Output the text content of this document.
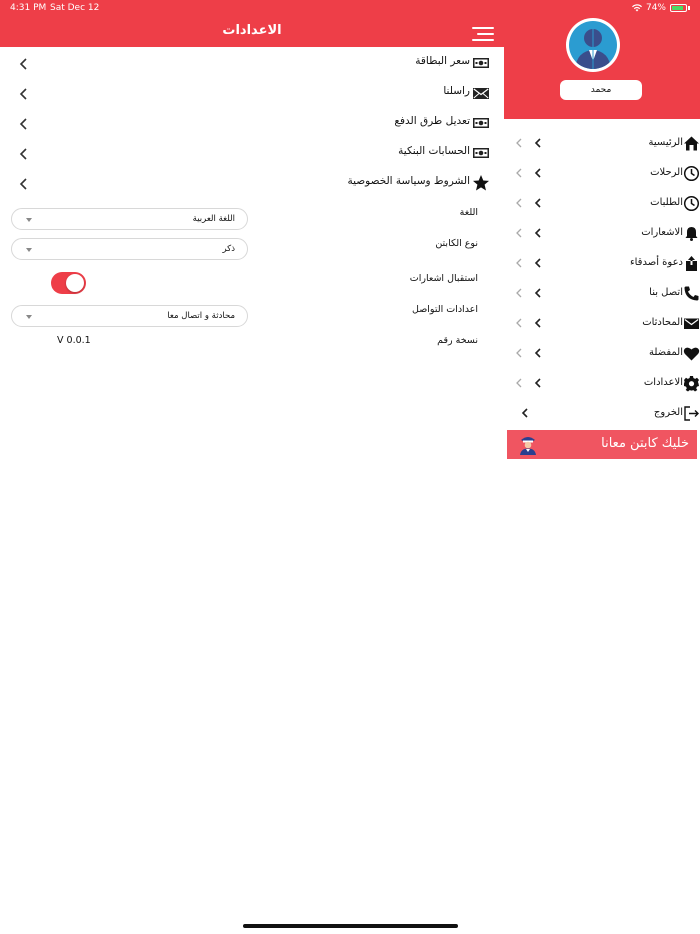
4:31 PM Sat Dec 12	74%
الاعدادات
سعر البطاقة
راسلنا
تعديل طرق الدفع
الحسابات البنكية
الشروط وسياسة الخصوصية
اللغة
اللغة العربية
نوع الكابتن
ذكر
استقبال اشعارات
اعدادات التواصل
محادثة و اتصال معا
نسخة رقم
V 0.0.1
محمد
الرئيسية
الرحلات
الطلبات
الاشعارات
دعوة أصدقاء
اتصل بنا
المحادثات
المفضلة
الاعدادات
الخروج
خليك كابتن معانا
